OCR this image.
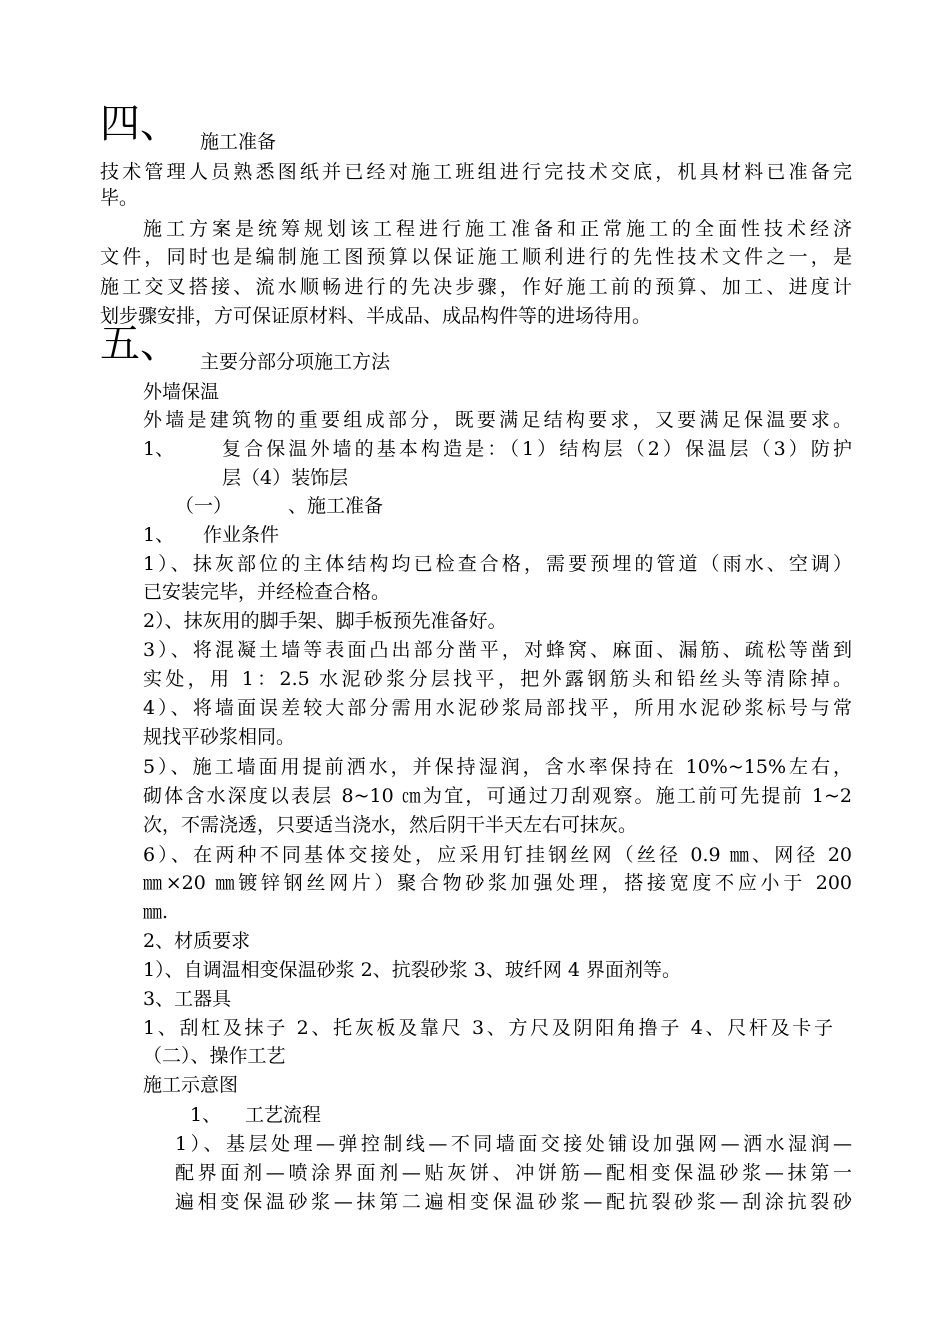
四、 施工准备
技术管理人员熟悉图纸并已经对施工班组进行完技术交底，机具材料已准备完
毕。
施工方案是统筹规划该工程进行施工准备和正常施工的全面性技术经济
文件，同时也是编制施工图预算以保证施工顺利进行的先性技术文件之一，是
施工交叉搭接、流水顺畅进行的先决步骤，作好施工前的预算、加工、进度计
划步骤安排，方可保证原材料、半成品、成品构件等的进场待用。
五、 主要分部分项施工方法
外墙保温
外墙是建筑物的重要组成部分，既要满足结构要求，又要满足保温要求。
1、	复合保温外墙的基本构造是：（1）结构层（2）保温层（3）防护
层（4）装饰层
（一）	、施工准备
1、 作业条件
1）、抹灰部位的主体结构均已检查合格，需要预埋的管道（雨水、空调）
已安装完毕，并经检查合格。
2）、抹灰用的脚手架、脚手板预先准备好。
3）、将混凝土墙等表面凸出部分凿平，对蜂窝、麻面、漏筋、疏松等凿到
实处，用 1：2.5 水泥砂浆分层找平，把外露钢筋头和铅丝头等清除掉。
4）、将墙面误差较大部分需用水泥砂浆局部找平，所用水泥砂浆标号与常
规找平砂浆相同。
5）、施工墙面用提前洒水，并保持湿润，含水率保持在 10%~15%左右，
砌体含水深度以表层 8~10 ㎝为宜，可通过刀刮观察。施工前可先提前 1~2
次，不需浇透，只要适当浇水，然后阴干半天左右可抹灰。
6）、在两种不同基体交接处，应采用钉挂钢丝网（丝径 0.9 ㎜、网径 20
㎜×20 ㎜镀锌钢丝网片）聚合物砂浆加强处理，搭接宽度不应小于 200
㎜.
2、材质要求
1）、自调温相变保温砂浆 2、抗裂砂浆 3、玻纤网 4 界面剂等。
3、工器具
1、刮杠及抹子 2、托灰板及靠尺 3、方尺及阴阳角撸子 4、尺杆及卡子
（二）、操作工艺
施工示意图
1、 工艺流程
1）、基层处理—弹控制线—不同墙面交接处铺设加强网—洒水湿润—
配界面剂—喷涂界面剂—贴灰饼、冲饼筋—配相变保温砂浆—抹第一
遍相变保温砂浆—抹第二遍相变保温砂浆—配抗裂砂浆—刮涂抗裂砂
